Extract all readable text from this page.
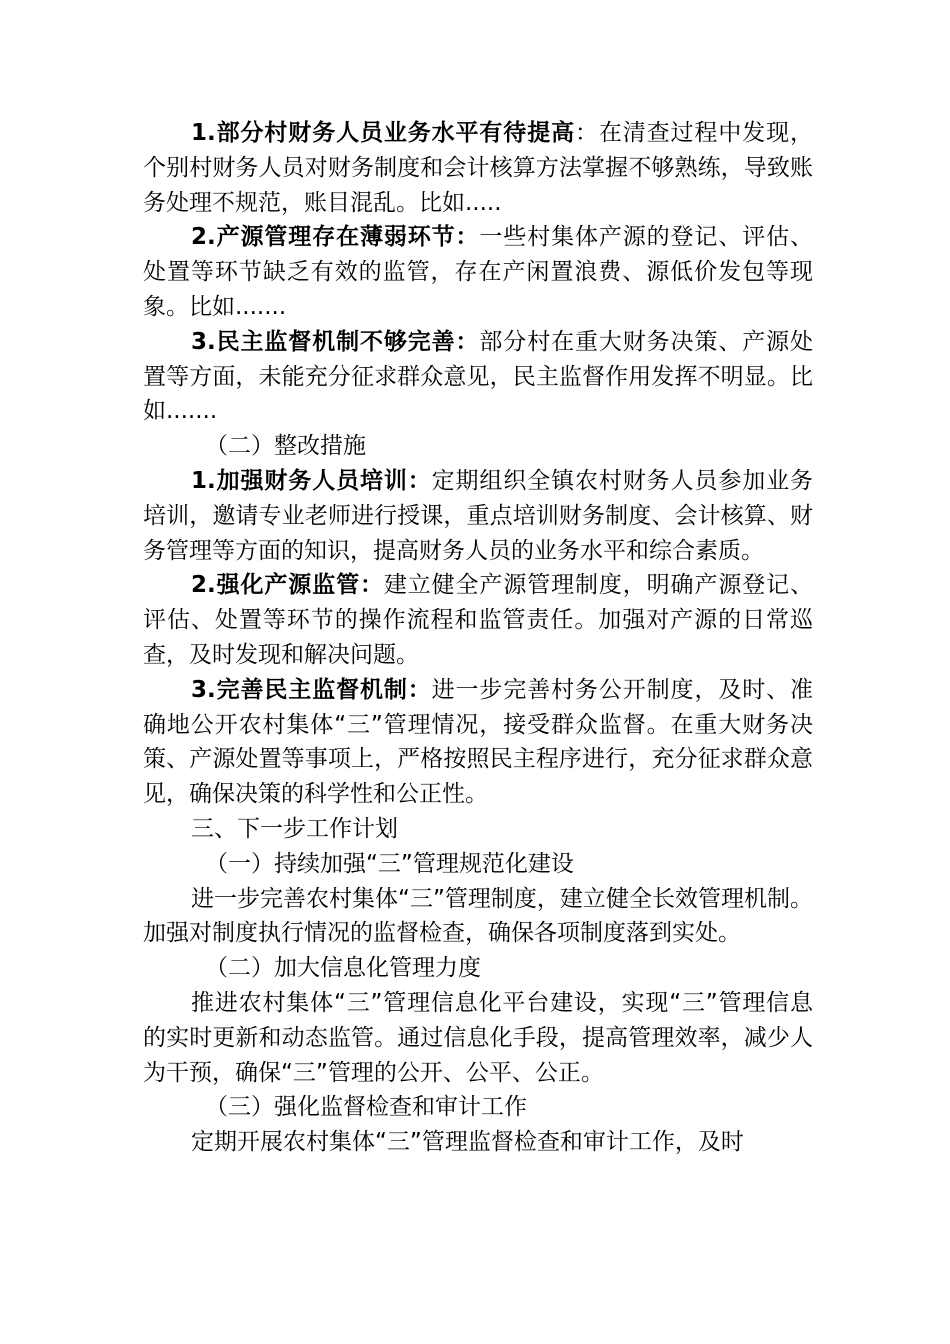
1.部分村财务人员业务水平有待提高：在清查过程中发现，个别村财务人员对财务制度和会计核算方法掌握不够熟练，导致账务处理不规范，账目混乱。比如.....

2.产源管理存在薄弱环节：一些村集体产源的登记、评估、处置等环节缺乏有效的监管，存在产闲置浪费、源低价发包等现象。比如.......

3.民主监督机制不够完善：部分村在重大财务决策、产源处置等方面，未能充分征求群众意见，民主监督作用发挥不明显。比如.......

（二）整改措施

1.加强财务人员培训：定期组织全镇农村财务人员参加业务培训，邀请专业老师进行授课，重点培训财务制度、会计核算、财务管理等方面的知识，提高财务人员的业务水平和综合素质。

2.强化产源监管：建立健全产源管理制度，明确产源登记、评估、处置等环节的操作流程和监管责任。加强对产源的日常巡查，及时发现和解决问题。

3.完善民主监督机制：进一步完善村务公开制度，及时、准确地公开农村集体“三”管理情况，接受群众监督。在重大财务决策、产源处置等事项上，严格按照民主程序进行，充分征求群众意见，确保决策的科学性和公正性。

三、下一步工作计划

（一）持续加强“三”管理规范化建设

进一步完善农村集体“三”管理制度，建立健全长效管理机制。加强对制度执行情况的监督检查，确保各项制度落到实处。

（二）加大信息化管理力度

推进农村集体“三”管理信息化平台建设，实现“三”管理信息的实时更新和动态监管。通过信息化手段，提高管理效率，减少人为干预，确保“三”管理的公开、公平、公正。

（三）强化监督检查和审计工作

定期开展农村集体“三”管理监督检查和审计工作，及时
